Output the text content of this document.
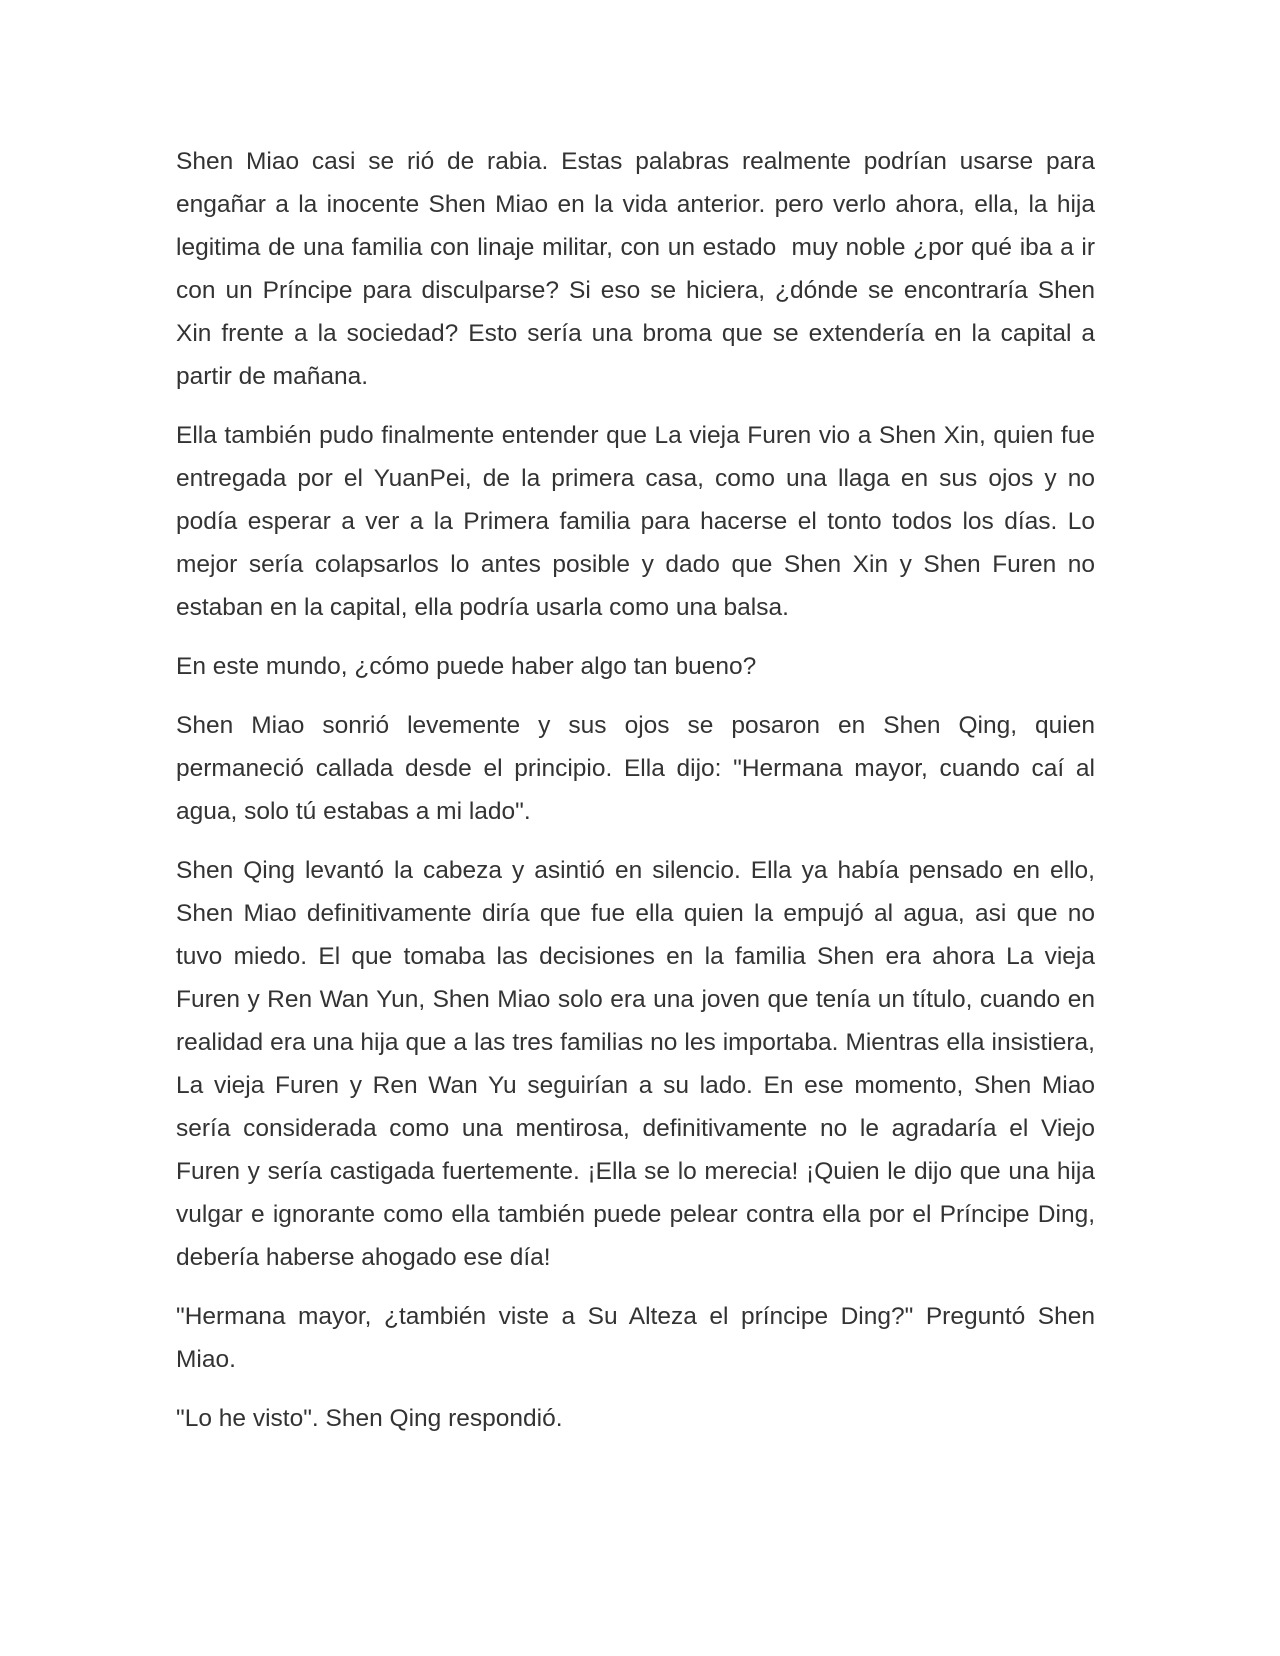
Shen Miao casi se rió de rabia. Estas palabras realmente podrían usarse para engañar a la inocente Shen Miao en la vida anterior. pero verlo ahora, ella, la hija legitima de una familia con linaje militar, con un estado  muy noble ¿por qué iba a ir con un Príncipe para disculparse? Si eso se hiciera, ¿dónde se encontraría Shen Xin frente a la sociedad? Esto sería una broma que se extendería en la capital a partir de mañana.

Ella también pudo finalmente entender que La vieja Furen vio a Shen Xin, quien fue entregada por el YuanPei, de la primera casa, como una llaga en sus ojos y no podía esperar a ver a la Primera familia para hacerse el tonto todos los días. Lo mejor sería colapsarlos lo antes posible y dado que Shen Xin y Shen Furen no estaban en la capital, ella podría usarla como una balsa.

En este mundo, ¿cómo puede haber algo tan bueno?

Shen Miao sonrió levemente y sus ojos se posaron en Shen Qing, quien permaneció callada desde el principio. Ella dijo: "Hermana mayor, cuando caí al agua, solo tú estabas a mi lado".

Shen Qing levantó la cabeza y asintió en silencio. Ella ya había pensado en ello, Shen Miao definitivamente diría que fue ella quien la empujó al agua, asi que no tuvo miedo. El que tomaba las decisiones en la familia Shen era ahora La vieja Furen y Ren Wan Yun, Shen Miao solo era una joven que tenía un título, cuando en realidad era una hija que a las tres familias no les importaba. Mientras ella insistiera, La vieja Furen y Ren Wan Yu seguirían a su lado. En ese momento, Shen Miao sería considerada como una mentirosa, definitivamente no le agradaría el Viejo Furen y sería castigada fuertemente. ¡Ella se lo merecia! ¡Quien le dijo que una hija vulgar e ignorante como ella también puede pelear contra ella por el Príncipe Ding, debería haberse ahogado ese día!

"Hermana mayor, ¿también viste a Su Alteza el príncipe Ding?" Preguntó Shen Miao.

"Lo he visto". Shen Qing respondió.
